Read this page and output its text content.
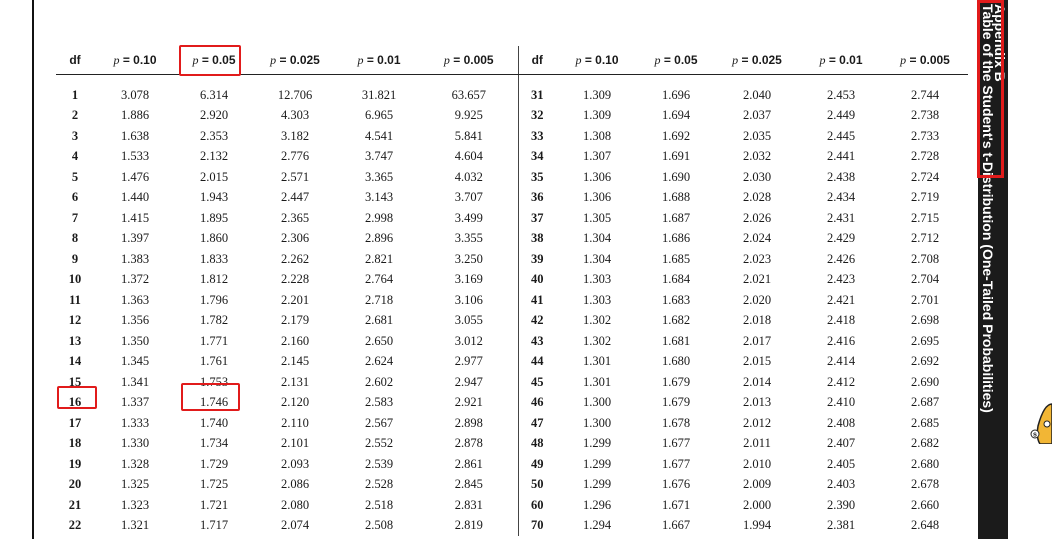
df	p = 0.10	p = 0.05	p = 0.025	p = 0.01	p = 0.005	df	p = 0.10	p = 0.05	p = 0.025	p = 0.01	p = 0.005
1	3.078	6.314	12.706	31.821	63.657	31	1.309	1.696	2.040	2.453	2.744
2	1.886	2.920	4.303	6.965	9.925	32	1.309	1.694	2.037	2.449	2.738
3	1.638	2.353	3.182	4.541	5.841	33	1.308	1.692	2.035	2.445	2.733
4	1.533	2.132	2.776	3.747	4.604	34	1.307	1.691	2.032	2.441	2.728
5	1.476	2.015	2.571	3.365	4.032	35	1.306	1.690	2.030	2.438	2.724
6	1.440	1.943	2.447	3.143	3.707	36	1.306	1.688	2.028	2.434	2.719
7	1.415	1.895	2.365	2.998	3.499	37	1.305	1.687	2.026	2.431	2.715
8	1.397	1.860	2.306	2.896	3.355	38	1.304	1.686	2.024	2.429	2.712
9	1.383	1.833	2.262	2.821	3.250	39	1.304	1.685	2.023	2.426	2.708
10	1.372	1.812	2.228	2.764	3.169	40	1.303	1.684	2.021	2.423	2.704
11	1.363	1.796	2.201	2.718	3.106	41	1.303	1.683	2.020	2.421	2.701
12	1.356	1.782	2.179	2.681	3.055	42	1.302	1.682	2.018	2.418	2.698
13	1.350	1.771	2.160	2.650	3.012	43	1.302	1.681	2.017	2.416	2.695
14	1.345	1.761	2.145	2.624	2.977	44	1.301	1.680	2.015	2.414	2.692
15	1.341	1.753	2.131	2.602	2.947	45	1.301	1.679	2.014	2.412	2.690
16	1.337	1.746	2.120	2.583	2.921	46	1.300	1.679	2.013	2.410	2.687
17	1.333	1.740	2.110	2.567	2.898	47	1.300	1.678	2.012	2.408	2.685
18	1.330	1.734	2.101	2.552	2.878	48	1.299	1.677	2.011	2.407	2.682
19	1.328	1.729	2.093	2.539	2.861	49	1.299	1.677	2.010	2.405	2.680
20	1.325	1.725	2.086	2.528	2.845	50	1.299	1.676	2.009	2.403	2.678
21	1.323	1.721	2.080	2.518	2.831	60	1.296	1.671	2.000	2.390	2.660
22	1.321	1.717	2.074	2.508	2.819	70	1.294	1.667	1.994	2.381	2.648
Appendix B
Table of the Student's t-Distribution (One-Tailed Probabilities)
s
